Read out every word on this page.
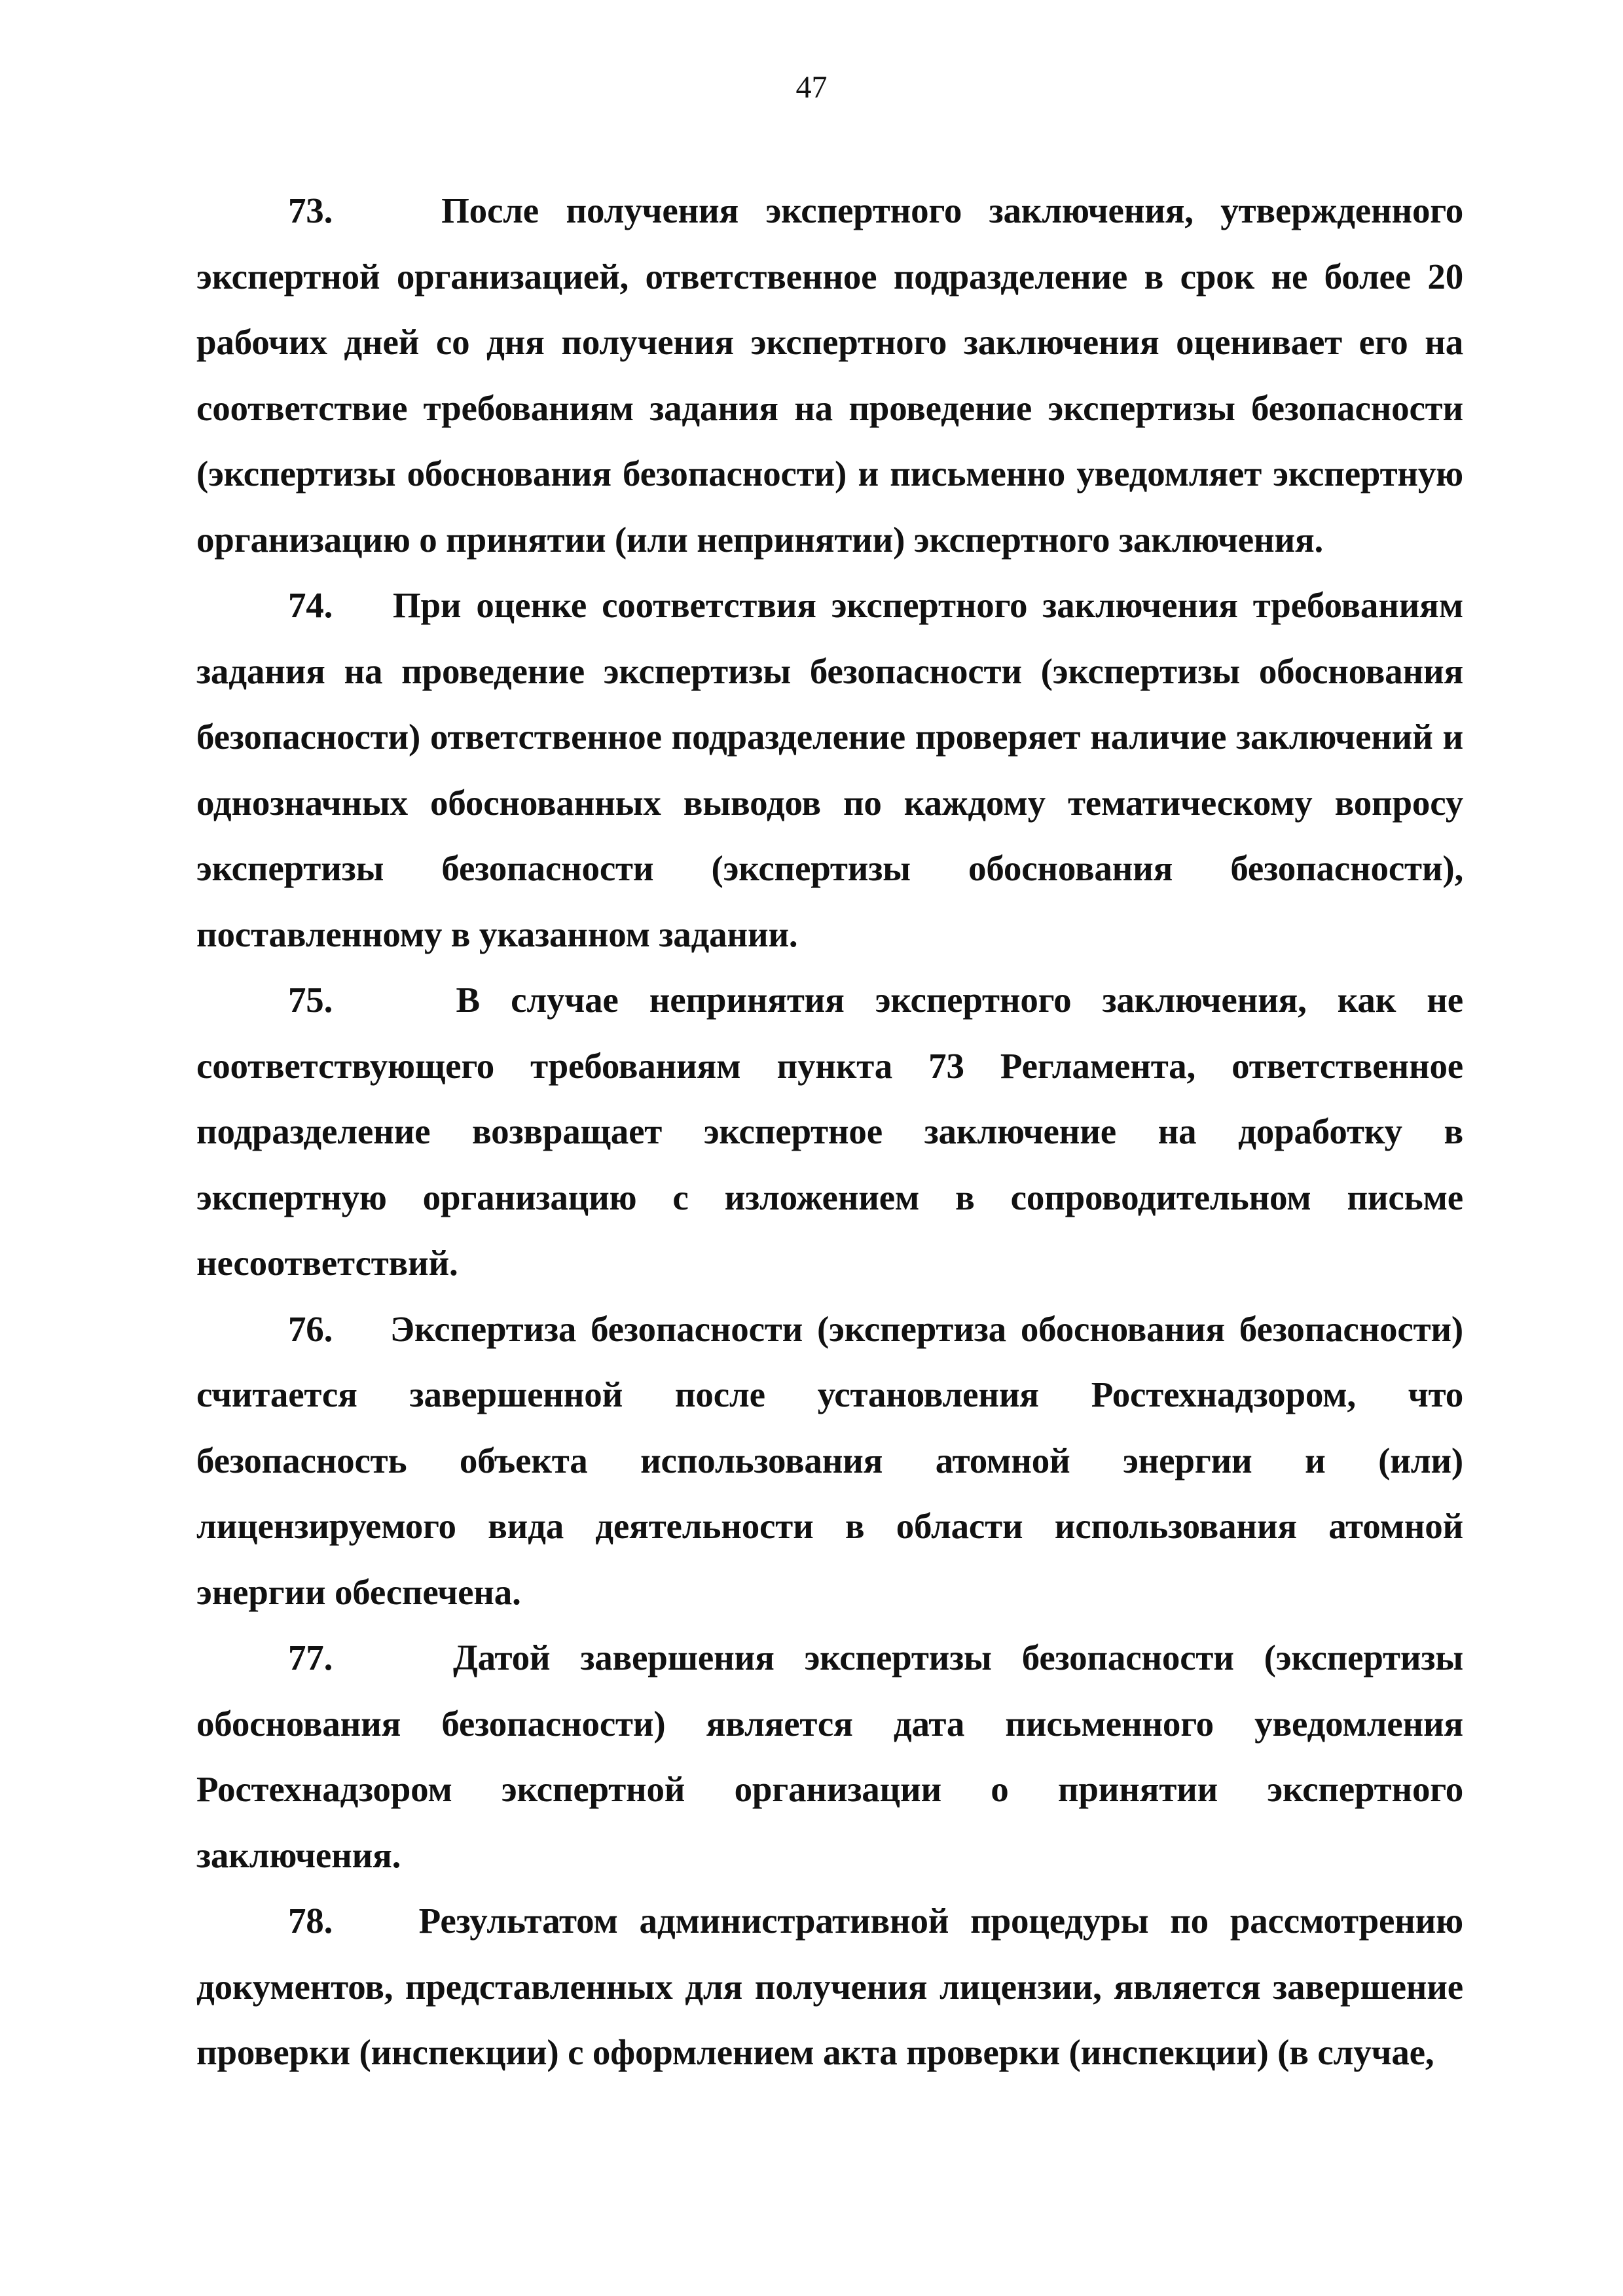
47

73.	После получения экспертного заключения, утвержденного экспертной организацией, ответственное подразделение в срок не более 20 рабочих дней со дня получения экспертного заключения оценивает его на соответствие требованиям задания на проведение экспертизы безопасности (экспертизы обоснования безопасности) и письменно уведомляет экспертную организацию о принятии (или непринятии) экспертного заключения.

74. При оценке соответствия экспертного заключения требованиям задания на проведение экспертизы безопасности (экспертизы обоснования безопасности) ответственное подразделение проверяет наличие заключений и однозначных обоснованных выводов по каждому тематическому вопросу экспертизы безопасности (экспертизы обоснования безопасности), поставленному в указанном задании.

75.	В случае непринятия экспертного заключения, как не соответствующего требованиям пункта 73 Регламента, ответственное подразделение возвращает экспертное заключение на доработку в экспертную организацию с изложением в сопроводительном письме несоответствий.

76. Экспертиза безопасности (экспертиза обоснования безопасности) считается завершенной после установления Ростехнадзором, что безопасность объекта использования атомной энергии и (или) лицензируемого вида деятельности в области использования атомной энергии обеспечена.

77.	Датой завершения экспертизы безопасности (экспертизы обоснования безопасности) является дата письменного уведомления Ростехнадзором экспертной организации о принятии экспертного заключения.

78. Результатом административной процедуры по рассмотрению документов, представленных для получения лицензии, является завершение проверки (инспекции) с оформлением акта проверки (инспекции) (в случае,
